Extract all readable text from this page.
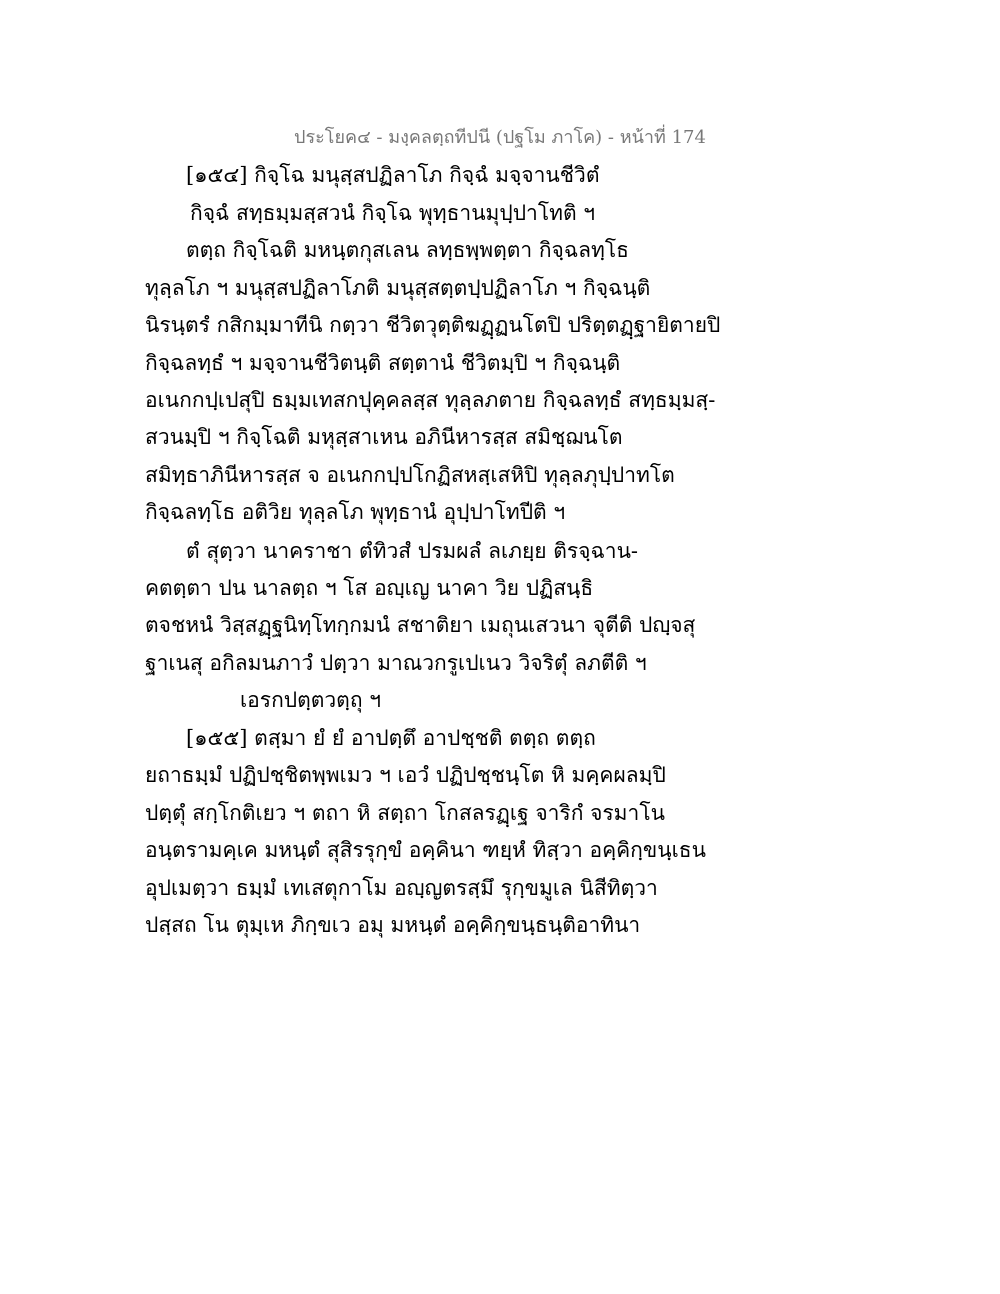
ประโยค๔ - มงฺคลตฺถทีปนี (ปฐโม ภาโค) - หน้าที่ 174
[๑๕๔] กิจฺโฉ มนุสฺสปฏิลาโภ กิจฺฉํ มจฺจานชีวิตํ
กิจฺฉํ สทฺธมฺมสฺสวนํ กิจฺโฉ พุทฺธานมุปฺปาโทติ ฯ
ตตฺถ กิจฺโฉติ มหนฺตกุสเลน ลทฺธพฺพตฺตา กิจฺฉลทฺโธ
ทุลฺลโภ ฯ มนุสฺสปฏิลาโภติ มนุสฺสตฺตปฺปฏิลาโภ ฯ กิจฺฉนฺติ
นิรนฺตรํ กสิกมฺมาทีนิ กตฺวา ชีวิตวุตฺติฆฏฺฏนโตปิ ปริตฺตฏฺฐายิตายปิ
กิจฺฉลทฺธํ ฯ มจฺจานชีวิตนฺติ สตฺตานํ ชีวิตมฺปิ ฯ กิจฺฉนฺติ
อเนกกปฺเปสุปิ ธมฺมเทสกปุคฺคลสฺส ทุลฺลภตาย กิจฺฉลทฺธํ สทฺธมฺมสฺ-
สวนมฺปิ ฯ กิจฺโฉติ มหุสฺสาเหน อภินีหารสฺส สมิชฺฌนโต
สมิทฺธาภินีหารสฺส จ อเนกกปฺปโกฏิสหสฺเสหิปิ ทุลฺลภุปฺปาทโต
กิจฺฉลทฺโธ อติวิย ทุลฺลโภ พุทฺธานํ อุปฺปาโทปีติ ฯ
ตํ สุตฺวา นาคราชา ตํทิวสํ ปรมผลํ ลเภยฺย ติรจฺฉาน-
คตตฺตา ปน นาลตฺถ ฯ โส อญฺเญ นาคา วิย ปฏิสนฺธิ
ตจชหนํ วิสฺสฏฺฐนิทฺโทกฺกมนํ สชาติยา เมถุนเสวนา จุตีติ ปญฺจสุ
ฐาเนสุ อกิลมนภาวํ ปตฺวา มาณวกรูเปเนว วิจริตุํ ลภตีติ ฯ
เอรกปตฺตวตฺถุ ฯ
[๑๕๕] ตสฺมา ยํ ยํ อาปตฺตึ อาปชฺชติ ตตฺถ ตตฺถ
ยถาธมฺมํ ปฏิปชฺชิตพฺพเมว ฯ เอวํ ปฏิปชฺชนฺโต หิ มคฺคผลมฺปิ
ปตฺตุํ สกฺโกติเยว ฯ ตถา หิ สตฺถา โกสลรฏฺเฐ จาริกํ จรมาโน
อนฺตรามคฺเค มหนฺตํ สุสิรรุกฺขํ อคฺคินา ฑยฺหํ ทิสฺวา อคฺคิกฺขนฺเธน
อุปเมตฺวา ธมฺมํ เทเสตุกาโม อญฺญตรสฺมึ รุกฺขมูเล นิสีทิตฺวา
ปสฺสถ โน ตุมฺเห ภิกฺขเว อมุ มหนฺตํ อคฺคิกฺขนฺธนฺติอาทินา
